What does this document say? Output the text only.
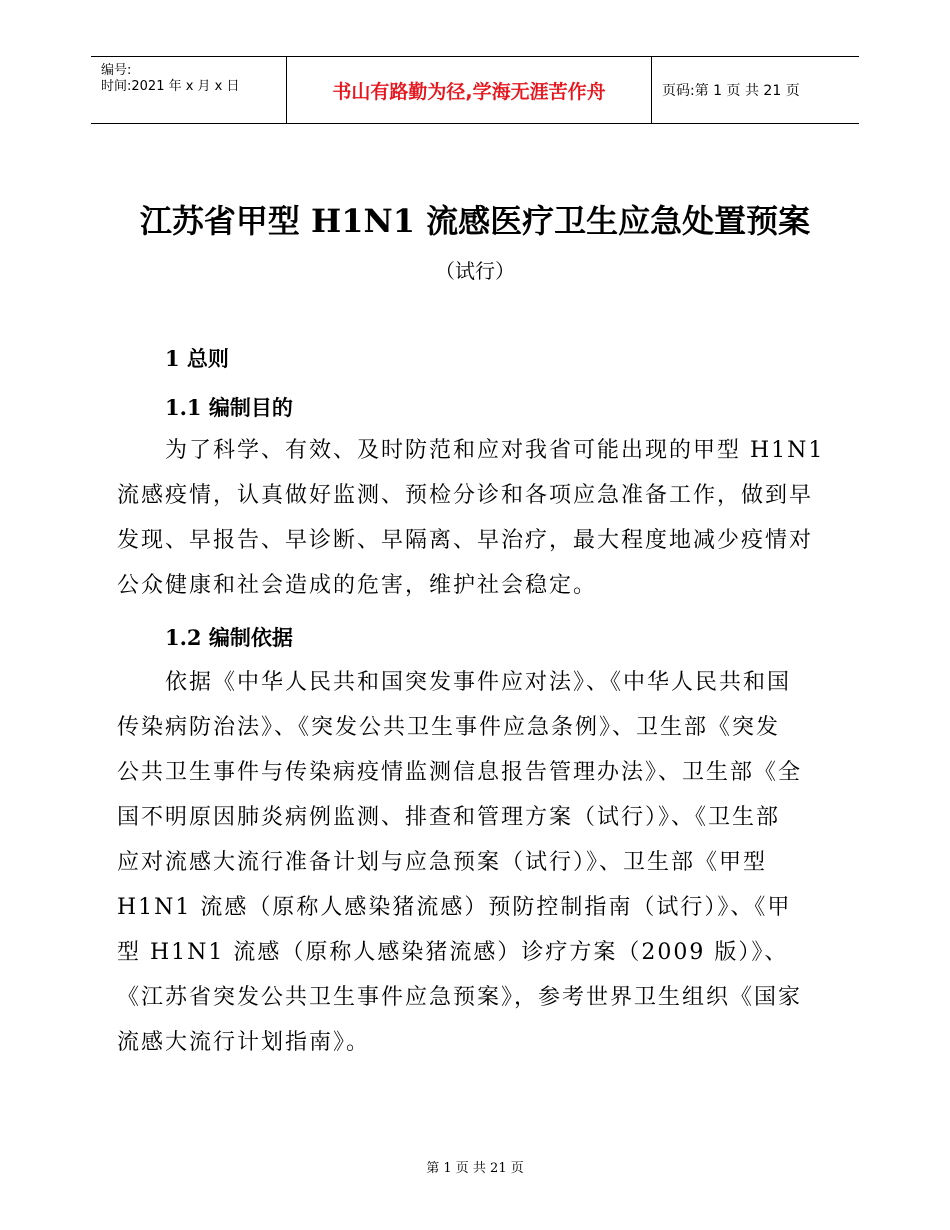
编号:
时间:2021 年 x 月 x 日	书山有路勤为径,学海无涯苦作舟	页码:第 1 页 共 21 页
江苏省甲型 H1N1 流感医疗卫生应急处置预案
（试行）
1 总则
1.1 编制目的
为了科学、有效、及时防范和应对我省可能出现的甲型 H1N1
流感疫情，认真做好监测、预检分诊和各项应急准备工作，做到早
发现、早报告、早诊断、早隔离、早治疗，最大程度地减少疫情对
公众健康和社会造成的危害，维护社会稳定。
1.2 编制依据
依据《中华人民共和国突发事件应对法》、《中华人民共和国
传染病防治法》、《突发公共卫生事件应急条例》、卫生部《突发
公共卫生事件与传染病疫情监测信息报告管理办法》、卫生部《全
国不明原因肺炎病例监测、排查和管理方案（试行）》、《卫生部
应对流感大流行准备计划与应急预案（试行）》、卫生部《甲型
H1N1 流感（原称人感染猪流感）预防控制指南（试行）》、《甲
型 H1N1 流感（原称人感染猪流感）诊疗方案（2009 版）》、
《江苏省突发公共卫生事件应急预案》，参考世界卫生组织《国家
流感大流行计划指南》。
第 1 页 共 21 页
